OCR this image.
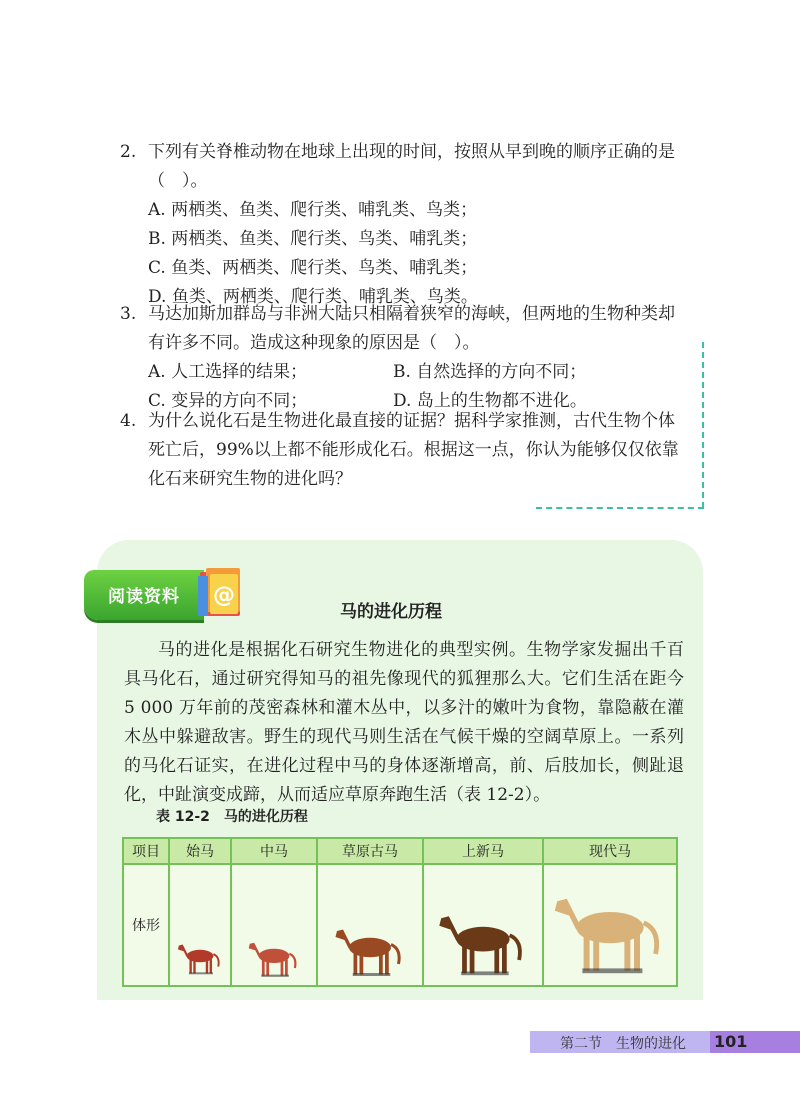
2. 下列有关脊椎动物在地球上出现的时间，按照从早到晚的顺序正确的是（　）。
A. 两栖类、鱼类、爬行类、哺乳类、鸟类；
B. 两栖类、鱼类、爬行类、鸟类、哺乳类；
C. 鱼类、两栖类、爬行类、鸟类、哺乳类；
D. 鱼类、两栖类、爬行类、哺乳类、鸟类。
3. 马达加斯加群岛与非洲大陆只相隔着狭窄的海峡，但两地的生物种类却有许多不同。造成这种现象的原因是（　）。
A. 人工选择的结果；	B. 自然选择的方向不同；
C. 变异的方向不同；	D. 岛上的生物都不进化。
4. 为什么说化石是生物进化最直接的证据？据科学家推测，古代生物个体死亡后，99%以上都不能形成化石。根据这一点，你认为能够仅仅依靠化石来研究生物的进化吗？
阅读资料 @
马的进化历程
马的进化是根据化石研究生物进化的典型实例。生物学家发掘出千百具马化石，通过研究得知马的祖先像现代的狐狸那么大。它们生活在距今 5 000 万年前的茂密森林和灌木丛中，以多汁的嫩叶为食物，靠隐蔽在灌木丛中躲避敌害。野生的现代马则生活在气候干燥的空阔草原上。一系列的马化石证实，在进化过程中马的身体逐渐增高，前、后肢加长，侧趾退化，中趾演变成蹄，从而适应草原奔跑生活（表 12-2）。
表 12-2　马的进化历程
项目	始马	中马	草原古马	上新马	现代马
体形	

第二节　生物的进化 101
